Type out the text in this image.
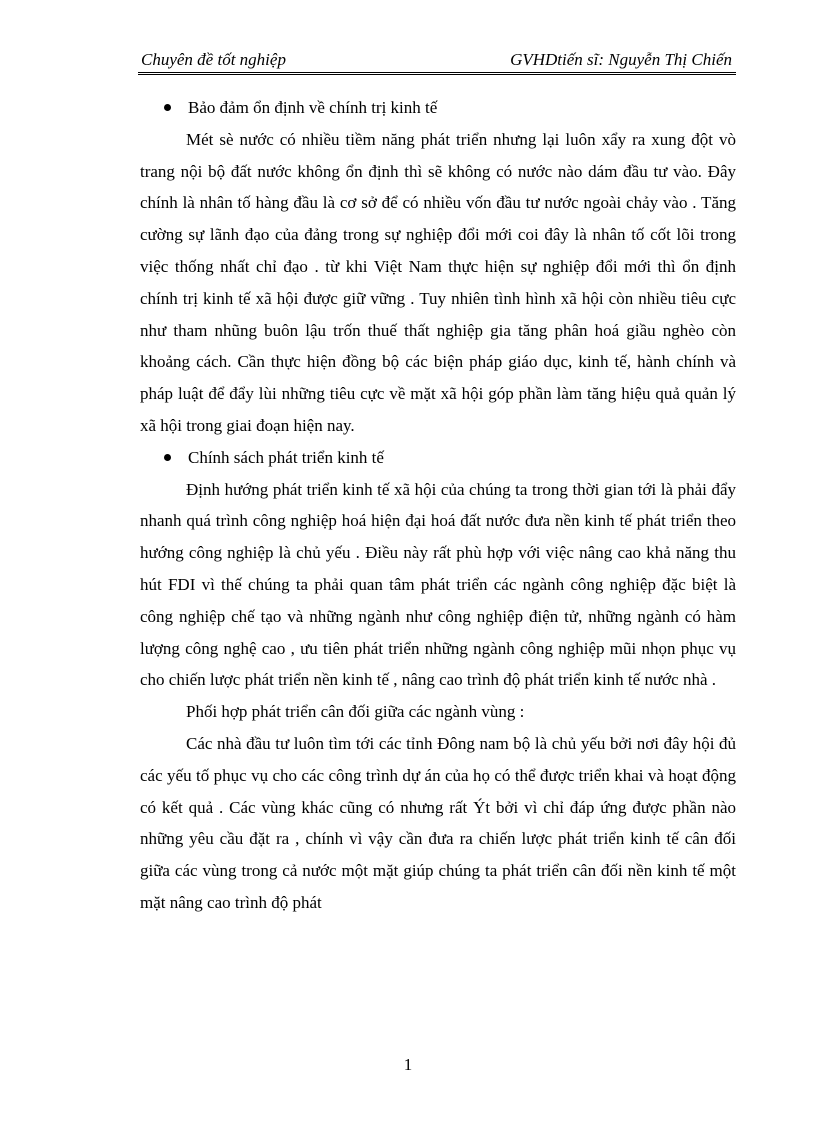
Chuyên đề tốt nghiệp	GVHDtiến sĩ: Nguyễn Thị Chiến
Bảo đảm ổn định về chính trị kinh tế

Mét sè nước có nhiều tiềm năng phát triển nhưng lại luôn xẩy ra xung đột vò trang nội bộ đất nước không ổn định thì sẽ không có nước nào dám đầu tư vào. Đây chính là nhân tố hàng đầu là cơ sở để có nhiều vốn đầu tư nước ngoài chảy vào . Tăng cường sự lãnh đạo của đảng trong sự nghiệp đổi mới coi đây là nhân tố cốt lõi trong việc thống nhất chỉ đạo . từ khi Việt Nam thực hiện sự nghiệp đổi mới thì ổn định chính trị kinh tế xã hội được giữ vững . Tuy nhiên tình hình xã hội còn nhiều tiêu cực như tham nhũng buôn lậu trốn thuế thất nghiệp gia tăng phân hoá giầu nghèo còn khoảng cách. Cần thực hiện đồng bộ các biện pháp giáo dục, kinh tế, hành chính và pháp luật để đẩy lùi những tiêu cực về mặt xã hội góp phần làm tăng hiệu quả quản lý xã hội trong giai đoạn hiện nay.

Chính sách phát triển kinh tế

Định hướng phát triển kinh tế xã hội của chúng ta trong thời gian tới là phải đẩy nhanh quá trình công nghiệp hoá hiện đại hoá đất nước đưa nền kinh tế phát triển theo hướng công nghiệp là chủ yếu . Điều này rất phù hợp với việc nâng cao khả năng thu hút FDI vì thế chúng ta phải quan tâm phát triển các ngành công nghiệp đặc biệt là công nghiệp chế tạo và những ngành như công nghiệp điện tử, những ngành có hàm lượng công nghệ cao , ưu tiên phát triển những ngành công nghiệp mũi nhọn phục vụ cho chiến lược phát triển nền kinh tế , nâng cao trình độ phát triển kinh tế nước nhà .

Phối hợp phát triển cân đối giữa các ngành vùng :

Các nhà đầu tư luôn tìm tới các tỉnh Đông nam bộ là chủ yếu bởi nơi đây hội đủ các yếu tố phục vụ cho các công trình dự án của họ có thể được triển khai và hoạt động có kết quả . Các vùng khác cũng có nhưng rất Ýt bởi vì chỉ đáp ứng được phần nào những yêu cầu đặt ra , chính vì vậy cần đưa ra chiến lược phát triển kinh tế cân đối giữa các vùng trong cả nước một mặt giúp chúng ta phát triển cân đối nền kinh tế một mặt nâng cao trình độ phát

1
